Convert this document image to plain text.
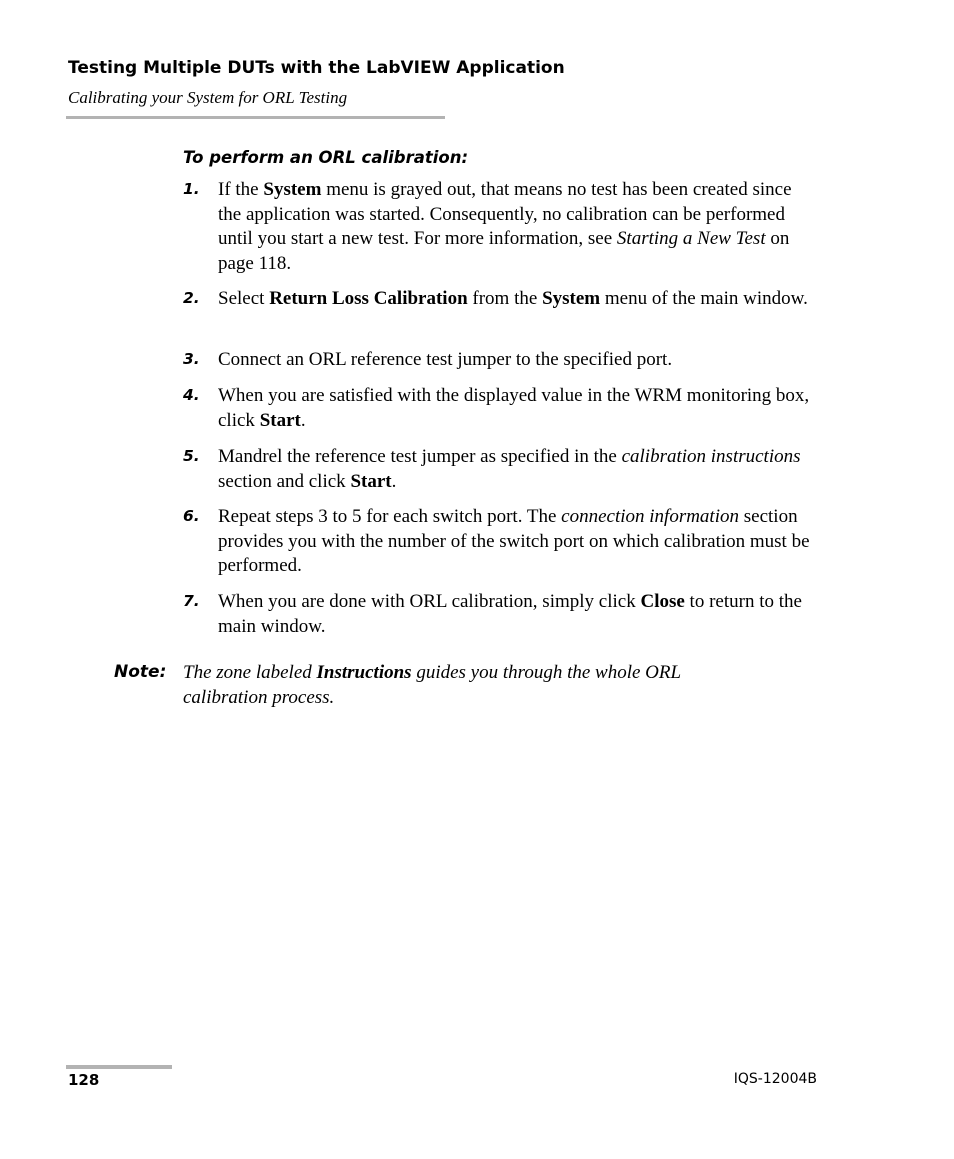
Testing Multiple DUTs with the LabVIEW Application
Calibrating your System for ORL Testing
To perform an ORL calibration:
1. If the System menu is grayed out, that means no test has been created since the application was started. Consequently, no calibration can be performed until you start a new test. For more information, see Starting a New Test on page 118.
2. Select Return Loss Calibration from the System menu of the main window.
3. Connect an ORL reference test jumper to the specified port.
4. When you are satisfied with the displayed value in the WRM monitoring box, click Start.
5. Mandrel the reference test jumper as specified in the calibration instructions section and click Start.
6. Repeat steps 3 to 5 for each switch port. The connection information section provides you with the number of the switch port on which calibration must be performed.
7. When you are done with ORL calibration, simply click Close to return to the main window.
Note: The zone labeled Instructions guides you through the whole ORL calibration process.
128	IQS-12004B
